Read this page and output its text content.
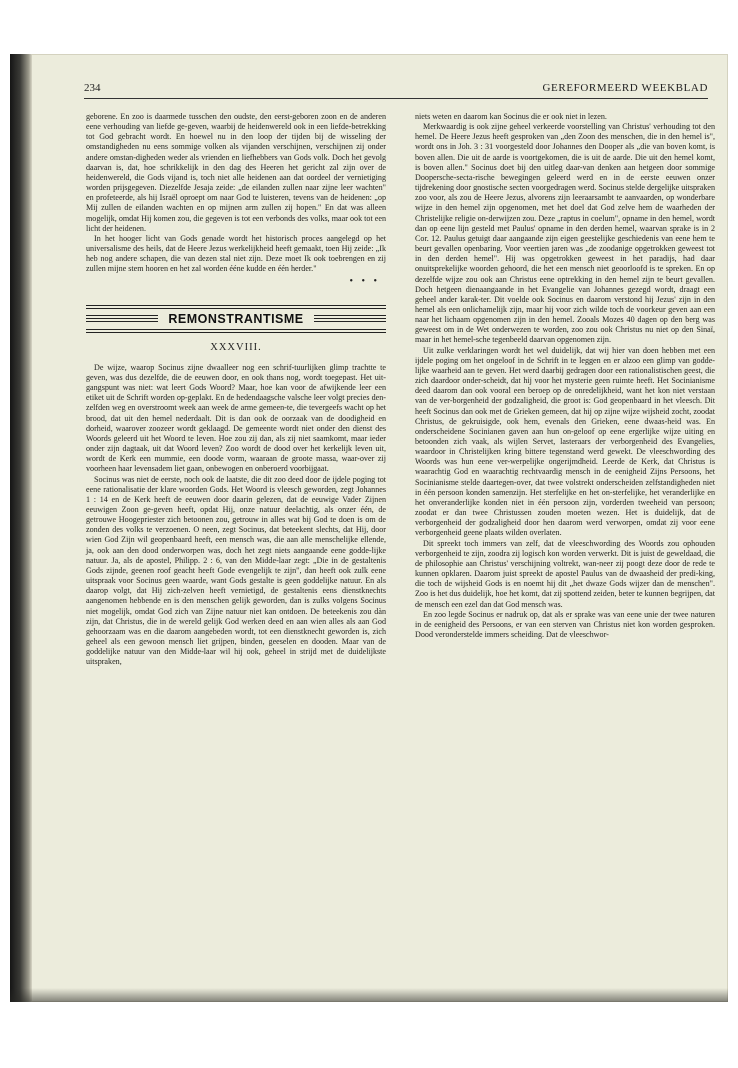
234	GEREFORMEERD WEEKBLAD

geborene. En zoo is daarmede tusschen den oudste, den eerst-geboren zoon en de anderen eene verhouding van liefde ge-geven, waarbij de heidenwereld ook in een liefde-betrekking tot God gebracht wordt. En hoewel nu in den loop der tijden bij de wisseling der omstandigheden nu eens sommige volken als vijanden verschijnen, verschijnen zij onder andere omstan-digheden weder als vrienden en liefhebbers van Gods volk. Doch het gevolg daarvan is, dat, hoe schrikkelijk in den dag des Heeren het gericht zal zijn over de heidenwereld, die Gods vijand is, toch niet alle heidenen aan dat oordeel der vernietiging worden prijsgegeven. Diezelfde Jesaja zeide: „de eilanden zullen naar zijne leer wachten" en profeteerde, als hij Israël oproept om naar God te luisteren, tevens van de heidenen: „op Mij zullen de eilanden wachten en op mijnen arm zullen zij hopen." En dat was alleen mogelijk, omdat Hij komen zou, die gegeven is tot een verbonds des volks, maar ook tot een licht der heidenen.

In het hooger licht van Gods genade wordt het historisch proces aangelegd op het universalisme des heils, dat de Heere Jezus werkelijkheid heeft gemaakt, toen Hij zeide: „Ik heb nog andere schapen, die van dezen stal niet zijn. Deze moet Ik ook toebrengen en zij zullen mijne stem hooren en het zal worden ééne kudde en één herder."

• • •
REMONSTRANTISME
XXXVIII.

De wijze, waarop Socinus zijne dwaalleer nog een schrif-tuurlijken glimp trachtte te geven, was dus dezelfde, die de eeuwen door, en ook thans nog, wordt toegepast. Het uit-gangspunt was niet: wat leert Gods Woord? Maar, hoe kan voor de afwijkende leer een etiket uit de Schrift worden op-geplakt. En de hedendaagsche valsche leer volgt precies den-zelfden weg en overstroomt week aan week de arme gemeen-te, die tevergeefs wacht op het brood, dat uit den hemel nederdaalt. Dit is dan ook de oorzaak van de doodigheid en dorheid, waarover zoozeer wordt geklaagd. De gemeente wordt niet onder den dienst des Woords geleerd uit het Woord te leven. Hoe zou zij dan, als zij niet saamkomt, maar ieder onder zijn dagtaak, uit dat Woord leven? Zoo wordt de dood over het kerkelijk leven uit, wordt de Kerk een mummie, een doode vorm, waaraan de groote massa, waar-over zij voorheen haar levensadem liet gaan, onbewogen en onberoerd voorbijgaat.

Socinus was niet de eerste, noch ook de laatste, die dit zoo deed door de ijdele poging tot eene rationalisatie der klare woorden Gods. Het Woord is vleesch geworden, zegt Johannes 1 : 14 en de Kerk heeft de eeuwen door daarin gelezen, dat de eeuwige Vader Zijnen eeuwigen Zoon ge-geven heeft, opdat Hij, onze natuur deelachtig, als onzer één, de getrouwe Hoogepriester zich betoonen zou, getrouw in alles wat bij God te doen is om de zonden des volks te verzoenen. O neen, zegt Socinus, dat beteekent slechts, dat Hij, door wien God Zijn wil geopenbaard heeft, een mensch was, die aan alle menschelijke ellende, ja, ook aan den dood onderworpen was, doch het zegt niets aangaande eene godde-lijke natuur. Ja, als de apostel, Philipp. 2 : 6, van den Midde-laar zegt: „Die in de gestaltenis Gods zijnde, geenen roof geacht heeft Gode evengelijk te zijn", dan heeft ook zulk eene uitspraak voor Socinus geen waarde, want Gods gestalte is geen goddelijke natuur. En als daarop volgt, dat Hij zich-zelven heeft vernietigd, de gestaltenis eens dienstknechts aangenomen hebbende en is den menschen gelijk geworden, dan is zulks volgens Socinus niet mogelijk, omdat God zich van Zijne natuur niet kan ontdoen. De beteekenis zou dàn zijn, dat Christus, die in de wereld gelijk God werken deed en aan wien alles als aan God gehoorzaam was en die daarom aangebeden wordt, tot een dienstknecht geworden is, zich geheel als een gewoon mensch liet grijpen, binden, geeselen en dooden. Maar van de goddelijke natuur van den Midde-laar wil hij ook, geheel in strijd met de duidelijkste uitspraken,

niets weten en daarom kan Socinus die er ook niet in lezen.

Merkwaardig is ook zijne geheel verkeerde voorstelling van Christus' verhouding tot den hemel. De Heere Jezus heeft gesproken van „den Zoon des menschen, die in den hemel is", wordt ons in Joh. 3 : 31 voorgesteld door Johannes den Dooper als „die van boven komt, is boven allen. Die uit de aarde is voortgekomen, die is uit de aarde. Die uit den hemel komt, is boven allen." Socinus doet bij den uitleg daar-van denken aan hetgeen door sommige Doopersche-secta-rische bewegingen geleerd werd en in de eerste eeuwen onzer tijdrekening door gnostische secten voorgedragen werd. Socinus stelde dergelijke uitspraken zoo voor, als zou de Heere Jezus, alvorens zijn leeraarsambt te aanvaarden, op wonderbare wijze in den hemel zijn opgenomen, met het doel dat God zelve hem de waarheden der Christelijke religie on-derwijzen zou. Deze „raptus in coelum", opname in den hemel, wordt dan op eene lijn gesteld met Paulus' opname in den derden hemel, waarvan sprake is in 2 Cor. 12. Paulus getuigt daar aangaande zijn eigen geestelijke geschiedenis van eene hem te beurt gevallen openbaring. Voor veertien jaren was „de zoodanige opgetrokken geweest tot in den derden hemel". Hij was opgetrokken geweest in het paradijs, had daar onuitsprekelijke woorden gehoord, die het een mensch niet geoorloofd is te spreken. En op dezelfde wijze zou ook aan Christus eene optrekking in den hemel zijn te beurt gevallen. Doch hetgeen dienaangaande in het Evangelie van Johannes gezegd wordt, draagt een geheel ander karak-ter. Dit voelde ook Socinus en daarom verstond hij Jezus' zijn in den hemel als een onlichamelijk zijn, maar hij voor zich wilde toch de voorkeur geven aan een naar het lichaam opgenomen zijn in den hemel. Zooals Mozes 40 dagen op den berg was geweest om in de Wet onderwezen te worden, zoo zou ook Christus nu niet op den Sinaï, maar in het hemel-sche tegenbeeld daarvan opgenomen zijn.

Uit zulke verklaringen wordt het wel duidelijk, dat wij hier van doen hebben met een ijdele poging om het ongeloof in de Schrift in te leggen en er alzoo een glimp van godde-lijke waarheid aan te geven. Het werd daarbij gedragen door een rationalistischen geest, die zich daardoor onder-scheidt, dat hij voor het mysterie geen ruimte heeft. Het Socinianisme deed daarom dan ook vooral een beroep op de onredelijkheid, want het kon niet verstaan van de ver-borgenheid der godzaligheid, die groot is: God geopenbaard in het vleesch. Dit heeft Socinus dan ook met de Grieken gemeen, dat hij op zijne wijze wijsheid zocht, zoodat Christus, de gekruisigde, ook hem, evenals den Grieken, eene dwaas-heid was. En onderscheidene Socinianen gaven aan hun on-geloof op eene ergerlijke wijze uiting en betoonden zich vaak, als wijlen Servet, lasteraars der verborgenheid des Evangelies, waardoor in Christelijken kring bittere tegenstand werd gewekt. De vleeschwording des Woords was hun eene ver-werpelijke ongerijmdheid. Leerde de Kerk, dat Christus is waarachtig God en waarachtig rechtvaardig mensch in de eenigheid Zijns Persoons, het Socinianisme stelde daartegen-over, dat twee volstrekt onderscheiden zelfstandigheden niet in één persoon konden samenzijn. Het sterfelijke en het on-sterfelijke, het veranderlijke en het onveranderlijke konden niet in één persoon zijn, vorderden tweeheid van persoon; zoodat er dan twee Christussen zouden moeten wezen. Het is duidelijk, dat de verborgenheid der godzaligheid door hen daarom werd verworpen, omdat zij voor eene verborgenheid geene plaats wilden overlaten.

Dit spreekt toch immers van zelf, dat de vleeschwording des Woords zou ophouden verborgenheid te zijn, zoodra zij logisch kon worden verwerkt. Dit is juist de geweldaad, die de philosophie aan Christus' verschijning voltrekt, wan-neer zij poogt deze door de rede te kunnen opklaren. Daarom juist spreekt de apostel Paulus van de dwaasheid der predi-king, die toch de wijsheid Gods is en noemt hij dit „het dwaze Gods wijzer dan de menschen". Zoo is het dus duidelijk, hoe het komt, dat zij spottend zeiden, beter te kunnen begrijpen, dat de mensch een ezel dan dat God mensch was.

En zoo legde Socinus er nadruk op, dat als er sprake was van eene unie der twee naturen in de eenigheid des Persoons, er van een sterven van Christus niet kon worden gesproken. Dood veronderstelde immers scheiding. Dat de vleeschwor-
